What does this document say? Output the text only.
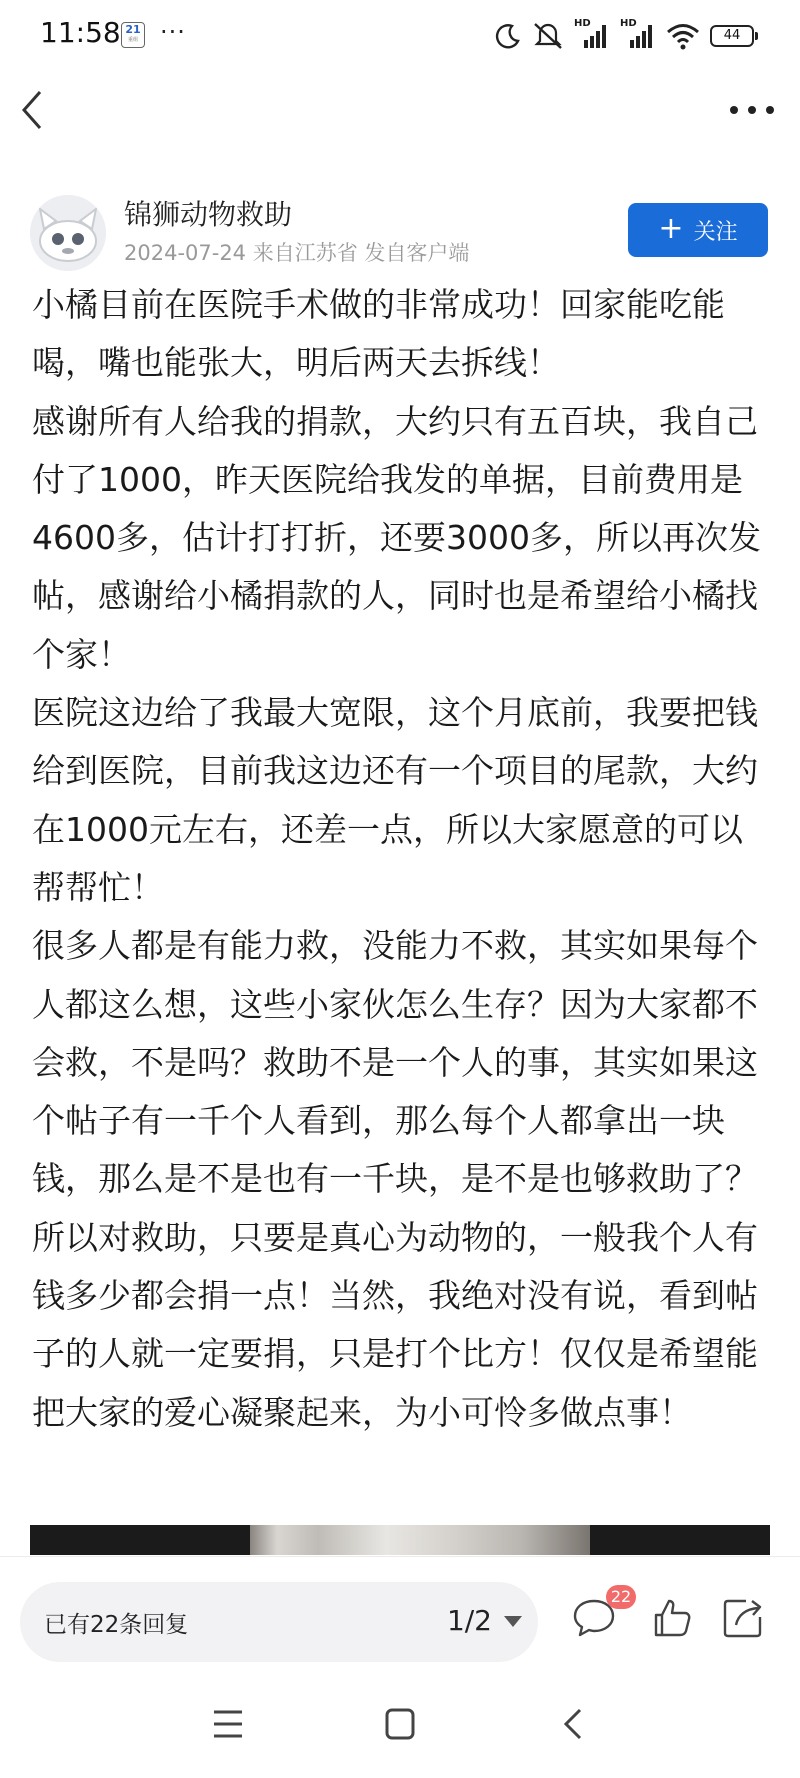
11:58 21
重组 ···	HD	HD
44
锦狮动物救助
2024-07-24 来自江苏省 发自客户端
+ 关注

小橘目前在医院手术做的非常成功！回家能吃能喝，嘴也能张大，明后两天去拆线！

感谢所有人给我的捐款，大约只有五百块，我自己付了1000，昨天医院给我发的单据，目前费用是4600多，估计打打折，还要3000多，所以再次发帖，感谢给小橘捐款的人，同时也是希望给小橘找个家！

医院这边给了我最大宽限，这个月底前，我要把钱给到医院，目前我这边还有一个项目的尾款，大约在1000元左右，还差一点，所以大家愿意的可以帮帮忙！

很多人都是有能力救，没能力不救，其实如果每个人都这么想，这些小家伙怎么生存？因为大家都不会救，不是吗？救助不是一个人的事，其实如果这个帖子有一千个人看到，那么每个人都拿出一块钱，那么是不是也有一千块，是不是也够救助了？所以对救助，只要是真心为动物的，一般我个人有钱多少都会捐一点！当然，我绝对没有说，看到帖子的人就一定要捐，只是打个比方！仅仅是希望能把大家的爱心凝聚起来，为小可怜多做点事！

已有22条回复	1/2
22
